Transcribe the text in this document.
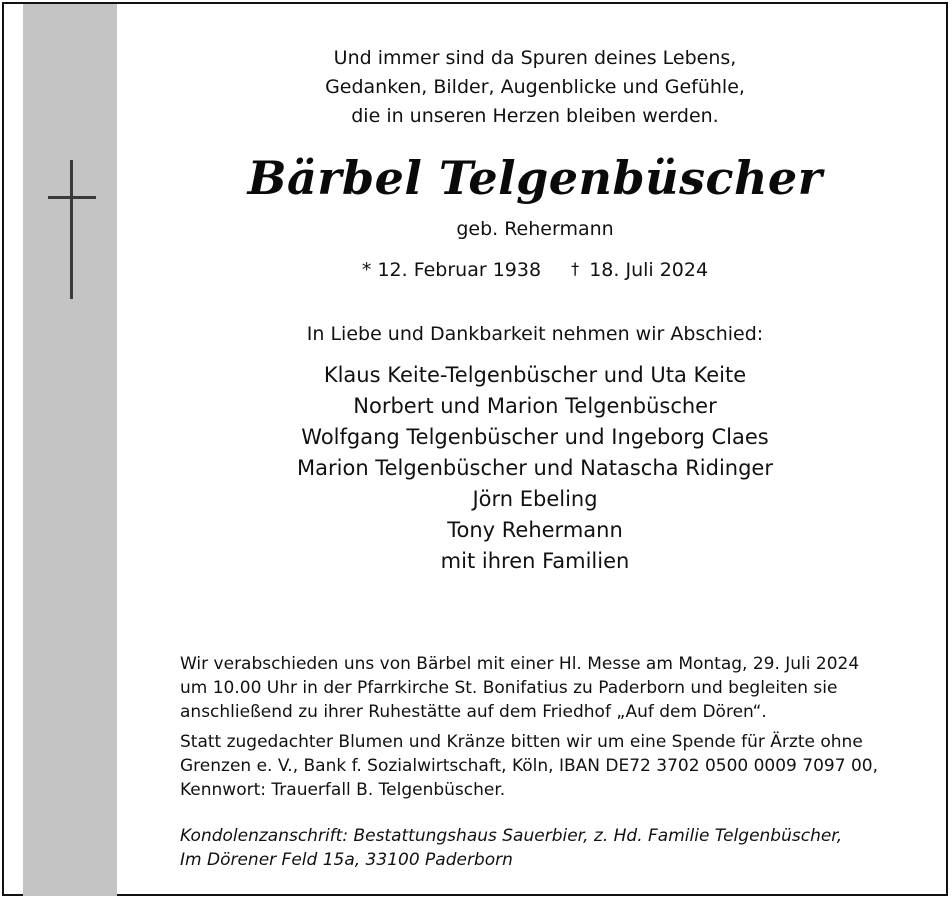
Und immer sind da Spuren deines Lebens,
Gedanken, Bilder, Augenblicke und Gefühle,
die in unseren Herzen bleiben werden.

Bärbel Telgenbüscher

geb. Rehermann

* 12. Februar 1938 † 18. Juli 2024

In Liebe und Dankbarkeit nehmen wir Abschied:

Klaus Keite-Telgenbüscher und Uta Keite
Norbert und Marion Telgenbüscher
Wolfgang Telgenbüscher und Ingeborg Claes
Marion Telgenbüscher und Natascha Ridinger
Jörn Ebeling
Tony Rehermann
mit ihren Familien

Wir verabschieden uns von Bärbel mit einer Hl. Messe am Montag, 29. Juli 2024
um 10.00 Uhr in der Pfarrkirche St. Bonifatius zu Paderborn und begleiten sie
anschließend zu ihrer Ruhestätte auf dem Friedhof „Auf dem Dören“.

Statt zugedachter Blumen und Kränze bitten wir um eine Spende für Ärzte ohne
Grenzen e. V., Bank f. Sozialwirtschaft, Köln, IBAN DE72 3702 0500 0009 7097 00,
Kennwort: Trauerfall B. Telgenbüscher.

Kondolenzanschrift: Bestattungshaus Sauerbier, z. Hd. Familie Telgenbüscher,
Im Dörener Feld 15a, 33100 Paderborn
